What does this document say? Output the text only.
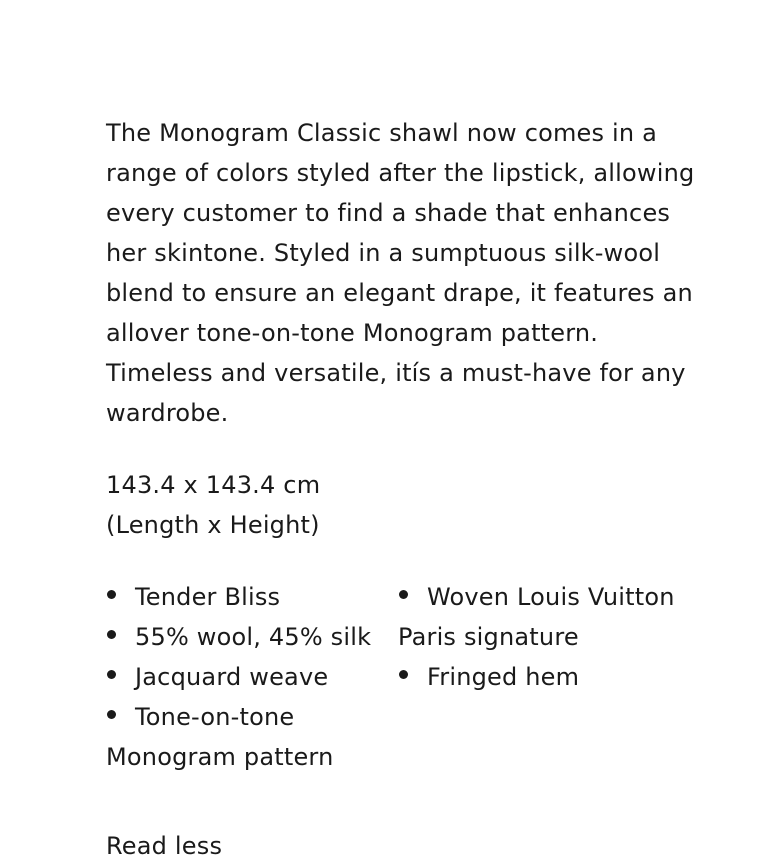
The Monogram Classic shawl now comes in a range of colors styled after the lipstick, allowing every customer to find a shade that enhances her skintone. Styled in a sumptuous silk-wool blend to ensure an elegant drape, it features an allover tone-on-tone Monogram pattern. Timeless and versatile, itís a must-have for any wardrobe.

143.4 x 143.4 cm
(Length x Height)
Tender Bliss
55% wool, 45% silk
Jacquard weave
Tone-on-tone Monogram pattern
Woven Louis Vuitton Paris signature
Fringed hem
Read less
